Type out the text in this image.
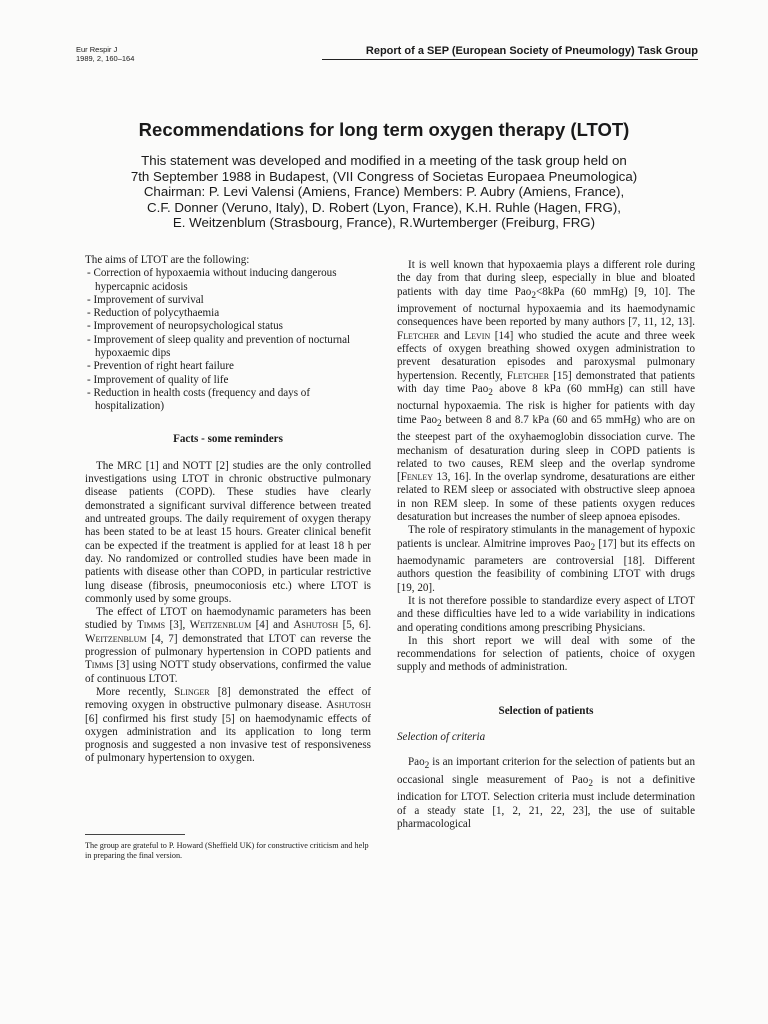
Eur Respir J
1989, 2, 160–164
Report of a SEP (European Society of Pneumology) Task Group
Recommendations for long term oxygen therapy (LTOT)
This statement was developed and modified in a meeting of the task group held on
7th September 1988 in Budapest, (VII Congress of Societas Europaea Pneumologica)
Chairman: P. Levi Valensi (Amiens, France) Members: P. Aubry (Amiens, France),
C.F. Donner (Veruno, Italy), D. Robert (Lyon, France), K.H. Ruhle (Hagen, FRG),
E. Weitzenblum (Strasbourg, France), R.Wurtemberger (Freiburg, FRG)

The aims of LTOT are the following:

- Correction of hypoxaemia without inducing dangerous hypercapnic acidosis
- Improvement of survival
- Reduction of polycythaemia
- Improvement of neuropsychological status
- Improvement of sleep quality and prevention of nocturnal hypoxaemic dips
- Prevention of right heart failure
- Improvement of quality of life
- Reduction in health costs (frequency and days of hospitalization)
Facts - some reminders

The MRC [1] and NOTT [2] studies are the only controlled investigations using LTOT in chronic obstructive pulmonary disease patients (COPD). These studies have clearly demonstrated a significant survival difference between treated and untreated groups. The daily requirement of oxygen therapy has been stated to be at least 15 hours. Greater clinical benefit can be expected if the treatment is applied for at least 18 h per day. No randomized or controlled studies have been made in patients with disease other than COPD, in particular restrictive lung disease (fibrosis, pneumoconiosis etc.) where LTOT is commonly used by some groups.

The effect of LTOT on haemodynamic parameters has been studied by Timms [3], Weitzenblum [4] and Ashutosh [5, 6]. Weitzenblum [4, 7] demonstrated that LTOT can reverse the progression of pulmonary hypertension in COPD patients and Timms [3] using NOTT study observations, confirmed the value of continuous LTOT.

More recently, Slinger [8] demonstrated the effect of removing oxygen in obstructive pulmonary disease. Ashutosh [6] confirmed his first study [5] on haemodynamic effects of oxygen administration and its application to long term prognosis and suggested a non invasive test of responsiveness of pulmonary hypertension to oxygen.

The group are grateful to P. Howard (Sheffield UK) for constructive criticism and help in preparing the final version.

It is well known that hypoxaemia plays a different role during the day from that during sleep, especially in blue and bloated patients with day time Pao$_2$<8kPa (60 mmHg) [9, 10]. The improvement of nocturnal hypoxaemia and its haemodynamic consequences have been reported by many authors [7, 11, 12, 13]. Fletcher and Levin [14] who studied the acute and three week effects of oxygen breathing showed oxygen administration to prevent desaturation episodes and paroxysmal pulmonary hypertension. Recently, Fletcher [15] demonstrated that patients with day time Pao$_2$ above 8 kPa (60 mmHg) can still have nocturnal hypoxaemia. The risk is higher for patients with day time Pao$_2$ between 8 and 8.7 kPa (60 and 65 mmHg) who are on the steepest part of the oxyhaemoglobin dissociation curve. The mechanism of desaturation during sleep in COPD patients is related to two causes, REM sleep and the overlap syndrome [Fenley 13, 16]. In the overlap syndrome, desaturations are either related to REM sleep or associated with obstructive sleep apnoea in non REM sleep. In some of these patients oxygen reduces desaturation but increases the number of sleep apnoea episodes.

The role of respiratory stimulants in the management of hypoxic patients is unclear. Almitrine improves Pao$_2$ [17] but its effects on haemodynamic parameters are controversial [18]. Different authors question the feasibility of combining LTOT with drugs [19, 20].

It is not therefore possible to standardize every aspect of LTOT and these difficulties have led to a wide variability in indications and operating conditions among prescribing Physicians.

In this short report we will deal with some of the recommendations for selection of patients, choice of oxygen supply and methods of administration.

Selection of patients
Selection of criteria

Pao$_2$ is an important criterion for the selection of patients but an occasional single measurement of Pao$_2$ is not a definitive indication for LTOT. Selection criteria must include determination of a steady state [1, 2, 21, 22, 23], the use of suitable pharmacological
